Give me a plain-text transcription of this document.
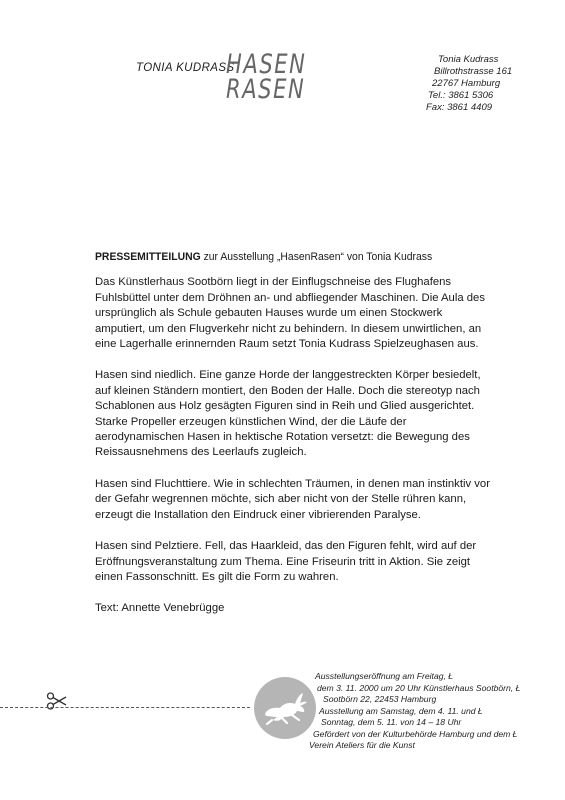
TONIA KUDRASS
HASEN
RASEN
Tonia Kudrass
Billrothstrasse 161
22767 Hamburg
Tel.: 3861 5306
Fax: 3861 4409
PRESSEMITTEILUNG zur Ausstellung „HasenRasen“ von Tonia Kudrass

Das Künstlerhaus Sootbörn liegt in der Einflugschneise des Flughafens Fuhlsbüttel unter dem Dröhnen an- und abfliegender Maschinen. Die Aula des ursprünglich als Schule gebauten Hauses wurde um einen Stockwerk amputiert, um den Flugverkehr nicht zu behindern. In diesem unwirtlichen, an eine Lagerhalle erinnernden Raum setzt Tonia Kudrass Spielzeughasen aus.

Hasen sind niedlich. Eine ganze Horde der langgestreckten Körper besiedelt, auf kleinen Ständern montiert, den Boden der Halle. Doch die stereotyp nach Schablonen aus Holz gesägten Figuren sind in Reih und Glied ausgerichtet. Starke Propeller erzeugen künstlichen Wind, der die Läufe der aerodynamischen Hasen in hektische Rotation versetzt: die Bewegung des Reissausnehmens des Leerlaufs zugleich.

Hasen sind Fluchttiere. Wie in schlechten Träumen, in denen man instinktiv vor der Gefahr wegrennen möchte, sich aber nicht von der Stelle rühren kann, erzeugt die Installation den Eindruck einer vibrierenden Paralyse.

Hasen sind Pelztiere. Fell, das Haarkleid, das den Figuren fehlt, wird auf der Eröffnungsveranstaltung zum Thema. Eine Friseurin tritt in Aktion. Sie zeigt einen Fassonschnitt. Es gilt die Form zu wahren.

Text: Annette Venebrügge

Ausstellungseröffnung am Freitag, Ł
dem 3. 11. 2000 um 20 Uhr Künstlerhaus Sootbörn, Ł
Sootbörn 22, 22453 Hamburg
Ausstellung am Samstag, dem 4. 11. und Ł
Sonntag, dem 5. 11. von 14 – 18 Uhr
Gefördert von der Kulturbehörde Hamburg und dem Ł
Verein Ateliers für die Kunst
